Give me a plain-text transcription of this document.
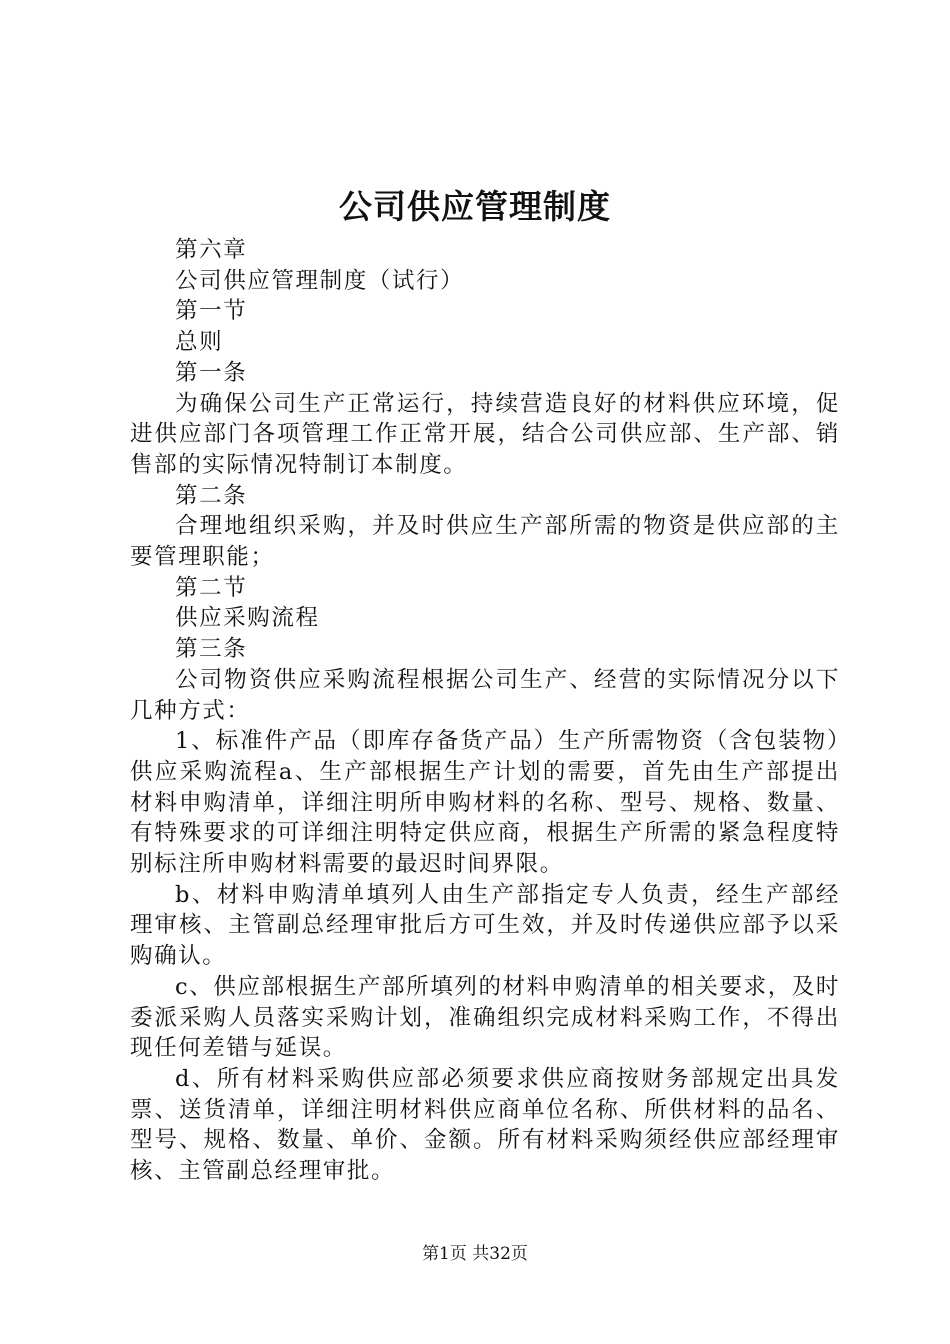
公司供应管理制度

第六章

公司供应管理制度（试行）

第一节

总则

第一条

为确保公司生产正常运行，持续营造良好的材料供应环境，促进供应部门各项管理工作正常开展，结合公司供应部、生产部、销售部的实际情况特制订本制度。

第二条

合理地组织采购，并及时供应生产部所需的物资是供应部的主要管理职能；

第二节

供应采购流程

第三条

公司物资供应采购流程根据公司生产、经营的实际情况分以下几种方式：

1、标准件产品（即库存备货产品）生产所需物资（含包装物）供应采购流程a、生产部根据生产计划的需要，首先由生产部提出材料申购清单，详细注明所申购材料的名称、型号、规格、数量、有特殊要求的可详细注明特定供应商，根据生产所需的紧急程度特别标注所申购材料需要的最迟时间界限。

b、材料申购清单填列人由生产部指定专人负责，经生产部经理审核、主管副总经理审批后方可生效，并及时传递供应部予以采购确认。

c、供应部根据生产部所填列的材料申购清单的相关要求，及时委派采购人员落实采购计划，准确组织完成材料采购工作，不得出现任何差错与延误。

d、所有材料采购供应部必须要求供应商按财务部规定出具发票、送货清单，详细注明材料供应商单位名称、所供材料的品名、型号、规格、数量、单价、金额。所有材料采购须经供应部经理审核、主管副总经理审批。

第1页 共32页
